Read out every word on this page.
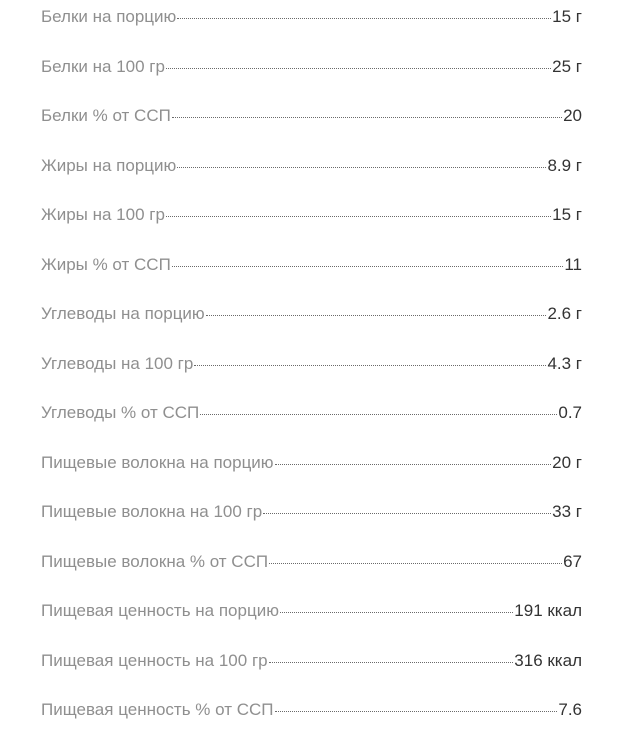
Белки на порцию	15 г
Белки на 100 гр	25 г
Белки % от ССП	20
Жиры на порцию	8.9 г
Жиры на 100 гр	15 г
Жиры % от ССП	11
Углеводы на порцию	2.6 г
Углеводы на 100 гр	4.3 г
Углеводы % от ССП	0.7
Пищевые волокна на порцию	20 г
Пищевые волокна на 100 гр	33 г
Пищевые волокна % от ССП	67
Пищевая ценность на порцию	191 ккал
Пищевая ценность на 100 гр	316 ккал
Пищевая ценность % от ССП	7.6
